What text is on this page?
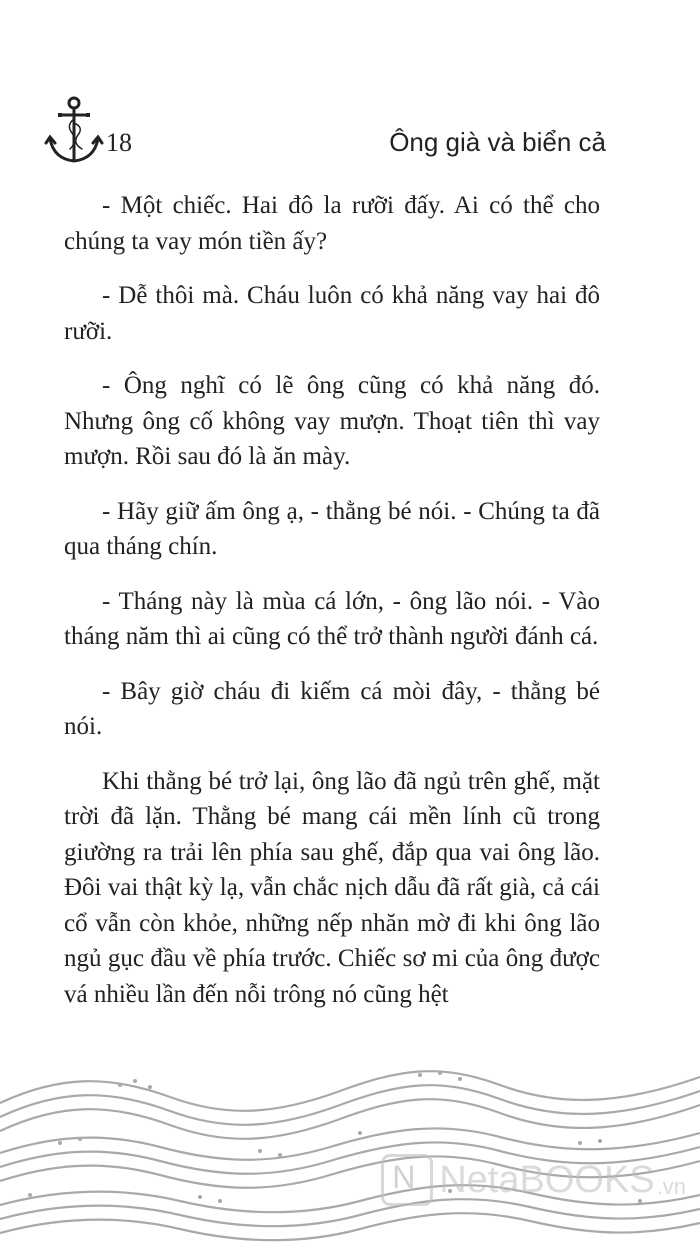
18	Ông già và biển cả

- Một chiếc. Hai đô la rưỡi đấy. Ai có thể cho chúng ta vay món tiền ấy?

- Dễ thôi mà. Cháu luôn có khả năng vay hai đô rưỡi.

- Ông nghĩ có lẽ ông cũng có khả năng đó. Nhưng ông cố không vay mượn. Thoạt tiên thì vay mượn. Rồi sau đó là ăn mày.

- Hãy giữ ấm ông ạ, - thằng bé nói. - Chúng ta đã qua tháng chín.

- Tháng này là mùa cá lớn, - ông lão nói. - Vào tháng năm thì ai cũng có thể trở thành người đánh cá.

- Bây giờ cháu đi kiếm cá mòi đây, - thằng bé nói.

Khi thằng bé trở lại, ông lão đã ngủ trên ghế, mặt trời đã lặn. Thằng bé mang cái mền lính cũ trong giường ra trải lên phía sau ghế, đắp qua vai ông lão. Đôi vai thật kỳ lạ, vẫn chắc nịch dẫu đã rất già, cả cái cổ vẫn còn khỏe, những nếp nhăn mờ đi khi ông lão ngủ gục đầu về phía trước. Chiếc sơ mi của ông được vá nhiều lần đến nỗi trông nó cũng hệt

N NetaBOOKS .vn
